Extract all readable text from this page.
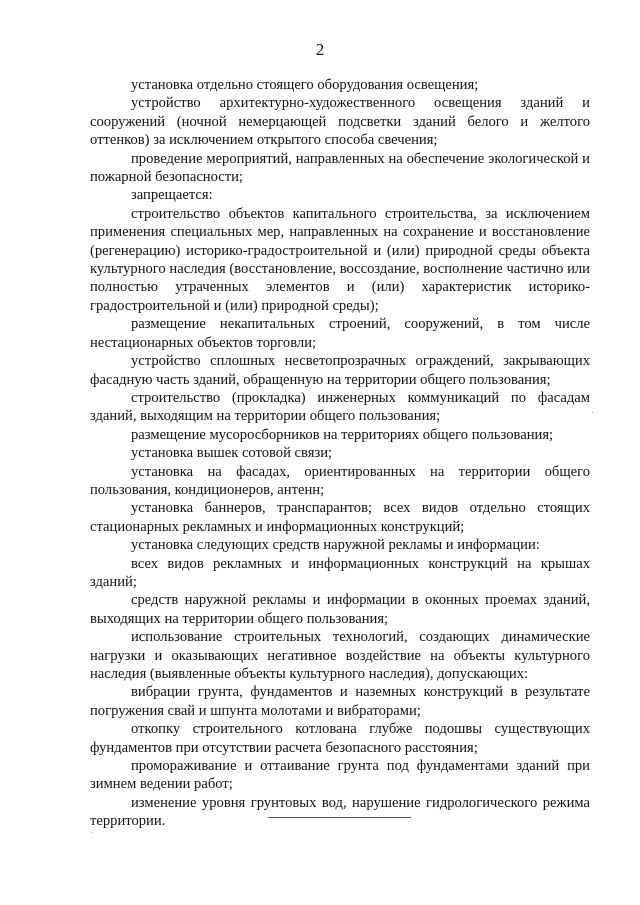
2

установка отдельно стоящего оборудования освещения;

устройство архитектурно-художественного освещения зданий и сооружений (ночной немерцающей подсветки зданий белого и желтого оттенков) за исключением открытого способа свечения;

проведение мероприятий, направленных на обеспечение экологической и пожарной безопасности;

запрещается:

строительство объектов капитального строительства, за исключением применения специальных мер, направленных на сохранение и восстановление (регенерацию) историко-градостроительной и (или) природной среды объекта культурного наследия (восстановление, воссоздание, восполнение частично или полностью утраченных элементов и (или) характеристик историко-градостроительной и (или) природной среды);

размещение некапитальных строений, сооружений, в том числе нестационарных объектов торговли;

устройство сплошных несветопрозрачных ограждений, закрывающих фасадную часть зданий, обращенную на территории общего пользования;

строительство (прокладка) инженерных коммуникаций по фасадам зданий, выходящим на территории общего пользования;

размещение мусоросборников на территориях общего пользования;

установка вышек сотовой связи;

установка на фасадах, ориентированных на территории общего пользования, кондиционеров, антенн;

установка баннеров, транспарантов; всех видов отдельно стоящих стационарных рекламных и информационных конструкций;

установка следующих средств наружной рекламы и информации:

всех видов рекламных и информационных конструкций на крышах зданий;

средств наружной рекламы и информации в оконных проемах зданий, выходящих на территории общего пользования;

использование строительных технологий, создающих динамические нагрузки и оказывающих негативное воздействие на объекты культурного наследия (выявленные объекты культурного наследия), допускающих:

вибрации грунта, фундаментов и наземных конструкций в результате погружения свай и шпунта молотами и вибраторами;

откопку строительного котлована глубже подошвы существующих фундаментов при отсутствии расчета безопасного расстояния;

промораживание и оттаивание грунта под фундаментами зданий при зимнем ведении работ;

изменение уровня грунтовых вод, нарушение гидрологического режима территории.
